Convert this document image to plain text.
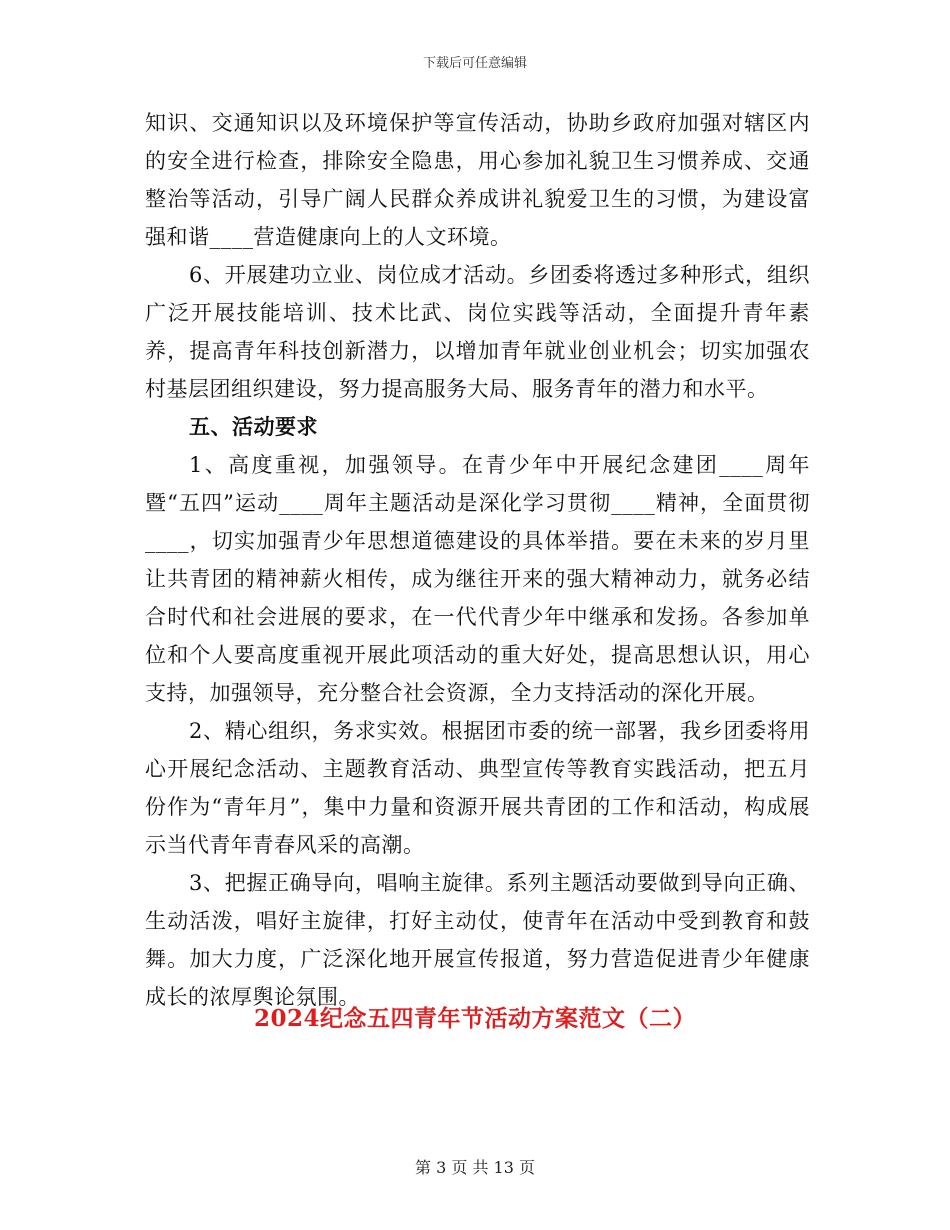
下载后可任意编辑

知识、交通知识以及环境保护等宣传活动，协助乡政府加强对辖区内的安全进行检查，排除安全隐患，用心参加礼貌卫生习惯养成、交通整治等活动，引导广阔人民群众养成讲礼貌爱卫生的习惯，为建设富强和谐____营造健康向上的人文环境。

6、开展建功立业、岗位成才活动。乡团委将透过多种形式，组织广泛开展技能培训、技术比武、岗位实践等活动，全面提升青年素养，提高青年科技创新潜力，以增加青年就业创业机会；切实加强农村基层团组织建设，努力提高服务大局、服务青年的潜力和水平。

五、活动要求

1、高度重视，加强领导。在青少年中开展纪念建团____周年暨“五四”运动____周年主题活动是深化学习贯彻____精神，全面贯彻____，切实加强青少年思想道德建设的具体举措。要在未来的岁月里让共青团的精神薪火相传，成为继往开来的强大精神动力，就务必结合时代和社会进展的要求，在一代代青少年中继承和发扬。各参加单位和个人要高度重视开展此项活动的重大好处，提高思想认识，用心支持，加强领导，充分整合社会资源，全力支持活动的深化开展。

2、精心组织，务求实效。根据团市委的统一部署，我乡团委将用心开展纪念活动、主题教育活动、典型宣传等教育实践活动，把五月份作为“青年月”，集中力量和资源开展共青团的工作和活动，构成展示当代青年青春风采的高潮。

3、把握正确导向，唱响主旋律。系列主题活动要做到导向正确、生动活泼，唱好主旋律，打好主动仗，使青年在活动中受到教育和鼓舞。加大力度，广泛深化地开展宣传报道，努力营造促进青少年健康成长的浓厚舆论氛围。

2024纪念五四青年节活动方案范文（二）
第 3 页 共 13 页
